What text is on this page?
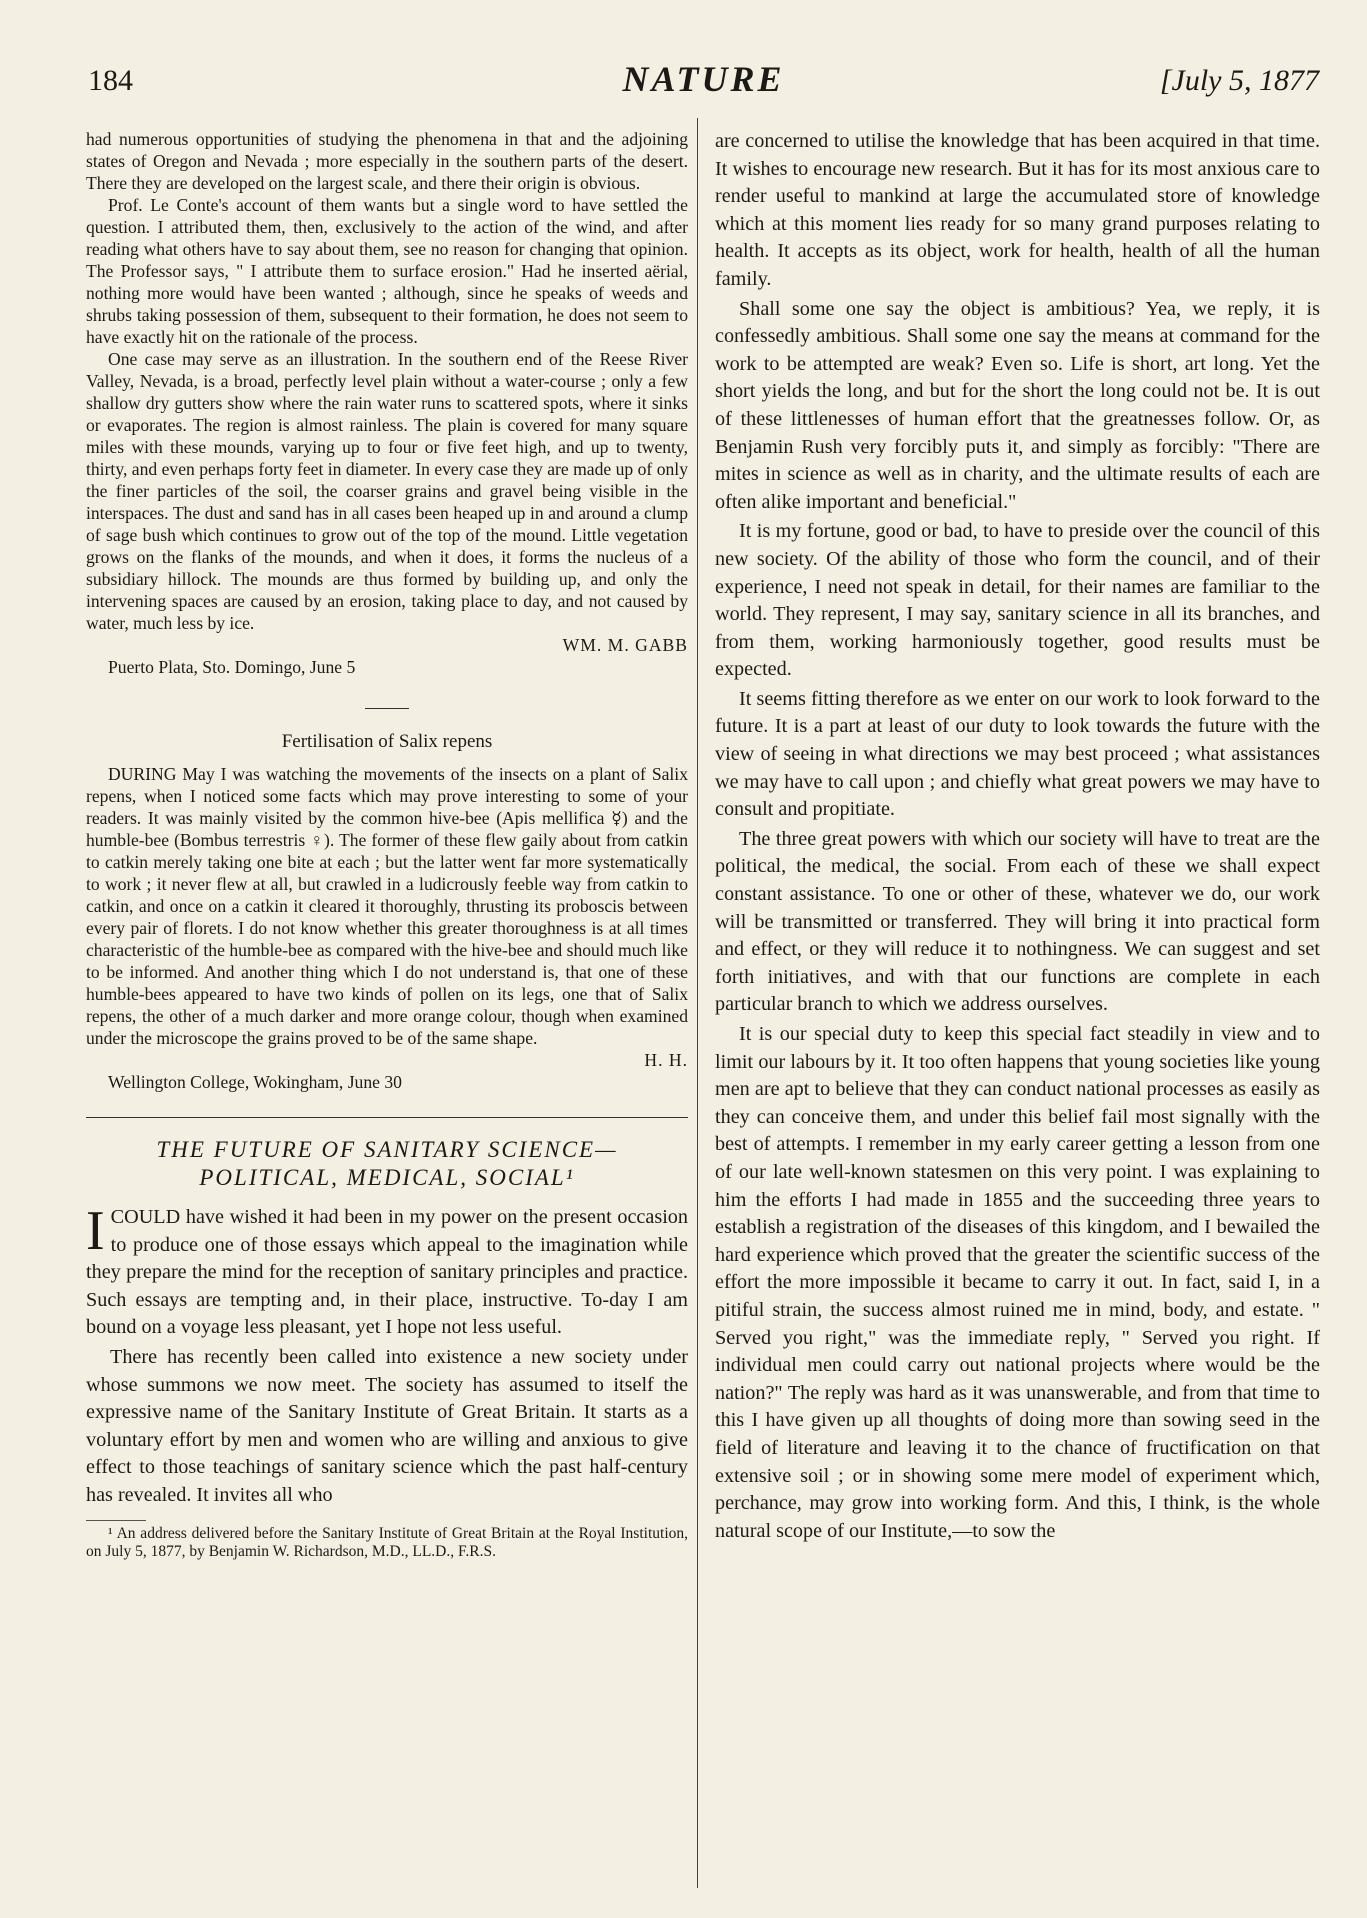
184	NATURE	[July 5, 1877

had numerous opportunities of studying the phenomena in that and the adjoining states of Oregon and Nevada ; more especially in the southern parts of the desert. There they are developed on the largest scale, and there their origin is obvious.

Prof. Le Conte's account of them wants but a single word to have settled the question. I attributed them, then, exclusively to the action of the wind, and after reading what others have to say about them, see no reason for changing that opinion. The Professor says, " I attribute them to surface erosion." Had he inserted aërial, nothing more would have been wanted ; although, since he speaks of weeds and shrubs taking possession of them, subsequent to their formation, he does not seem to have exactly hit on the rationale of the process.

One case may serve as an illustration. In the southern end of the Reese River Valley, Nevada, is a broad, perfectly level plain without a water-course ; only a few shallow dry gutters show where the rain water runs to scattered spots, where it sinks or evaporates. The region is almost rainless. The plain is covered for many square miles with these mounds, varying up to four or five feet high, and up to twenty, thirty, and even perhaps forty feet in diameter. In every case they are made up of only the finer particles of the soil, the coarser grains and gravel being visible in the interspaces. The dust and sand has in all cases been heaped up in and around a clump of sage bush which continues to grow out of the top of the mound. Little vegetation grows on the flanks of the mounds, and when it does, it forms the nucleus of a subsidiary hillock. The mounds are thus formed by building up, and only the intervening spaces are caused by an erosion, taking place to day, and not caused by water, much less by ice.

WM. M. GABB

Puerto Plata, Sto. Domingo, June 5

Fertilisation of Salix repens

DURING May I was watching the movements of the insects on a plant of Salix repens, when I noticed some facts which may prove interesting to some of your readers. It was mainly visited by the common hive-bee (Apis mellifica ☿) and the humble-bee (Bombus terrestris ♀). The former of these flew gaily about from catkin to catkin merely taking one bite at each ; but the latter went far more systematically to work ; it never flew at all, but crawled in a ludicrously feeble way from catkin to catkin, and once on a catkin it cleared it thoroughly, thrusting its proboscis between every pair of florets. I do not know whether this greater thoroughness is at all times characteristic of the humble-bee as compared with the hive-bee and should much like to be informed. And another thing which I do not understand is, that one of these humble-bees appeared to have two kinds of pollen on its legs, one that of Salix repens, the other of a much darker and more orange colour, though when examined under the microscope the grains proved to be of the same shape.

H. H.

Wellington College, Wokingham, June 30

THE FUTURE OF SANITARY SCIENCE—
POLITICAL, MEDICAL, SOCIAL¹

ICOULD have wished it had been in my power on the present occasion to produce one of those essays which appeal to the imagination while they prepare the mind for the reception of sanitary principles and practice. Such essays are tempting and, in their place, instructive. To-day I am bound on a voyage less pleasant, yet I hope not less useful.

There has recently been called into existence a new society under whose summons we now meet. The society has assumed to itself the expressive name of the Sanitary Institute of Great Britain. It starts as a voluntary effort by men and women who are willing and anxious to give effect to those teachings of sanitary science which the past half-century has revealed. It invites all who

¹ An address delivered before the Sanitary Institute of Great Britain at the Royal Institution, on July 5, 1877, by Benjamin W. Richardson, M.D., LL.D., F.R.S.

are concerned to utilise the knowledge that has been acquired in that time. It wishes to encourage new research. But it has for its most anxious care to render useful to mankind at large the accumulated store of knowledge which at this moment lies ready for so many grand purposes relating to health. It accepts as its object, work for health, health of all the human family.

Shall some one say the object is ambitious? Yea, we reply, it is confessedly ambitious. Shall some one say the means at command for the work to be attempted are weak? Even so. Life is short, art long. Yet the short yields the long, and but for the short the long could not be. It is out of these littlenesses of human effort that the greatnesses follow. Or, as Benjamin Rush very forcibly puts it, and simply as forcibly: "There are mites in science as well as in charity, and the ultimate results of each are often alike important and beneficial."

It is my fortune, good or bad, to have to preside over the council of this new society. Of the ability of those who form the council, and of their experience, I need not speak in detail, for their names are familiar to the world. They represent, I may say, sanitary science in all its branches, and from them, working harmoniously together, good results must be expected.

It seems fitting therefore as we enter on our work to look forward to the future. It is a part at least of our duty to look towards the future with the view of seeing in what directions we may best proceed ; what assistances we may have to call upon ; and chiefly what great powers we may have to consult and propitiate.

The three great powers with which our society will have to treat are the political, the medical, the social. From each of these we shall expect constant assistance. To one or other of these, whatever we do, our work will be transmitted or transferred. They will bring it into practical form and effect, or they will reduce it to nothingness. We can suggest and set forth initiatives, and with that our functions are complete in each particular branch to which we address ourselves.

It is our special duty to keep this special fact steadily in view and to limit our labours by it. It too often happens that young societies like young men are apt to believe that they can conduct national processes as easily as they can conceive them, and under this belief fail most signally with the best of attempts. I remember in my early career getting a lesson from one of our late well-known statesmen on this very point. I was explaining to him the efforts I had made in 1855 and the succeeding three years to establish a registration of the diseases of this kingdom, and I bewailed the hard experience which proved that the greater the scientific success of the effort the more impossible it became to carry it out. In fact, said I, in a pitiful strain, the success almost ruined me in mind, body, and estate. " Served you right," was the immediate reply, " Served you right. If individual men could carry out national projects where would be the nation?" The reply was hard as it was unanswerable, and from that time to this I have given up all thoughts of doing more than sowing seed in the field of literature and leaving it to the chance of fructification on that extensive soil ; or in showing some mere model of experiment which, perchance, may grow into working form. And this, I think, is the whole natural scope of our Institute,—to sow the
